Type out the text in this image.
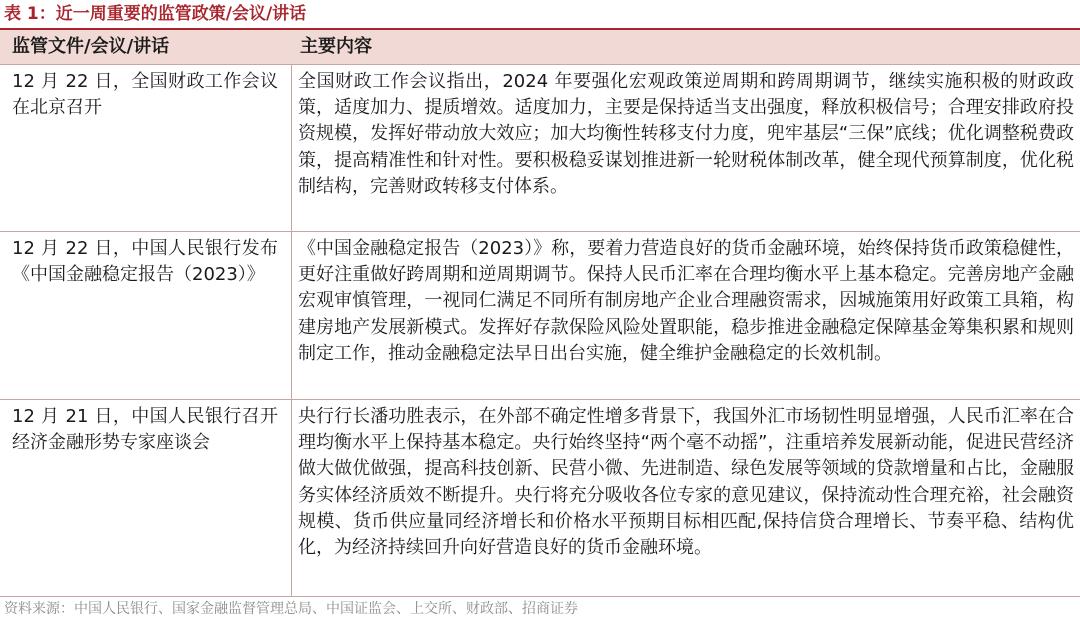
表 1：近一周重要的监管政策/会议/讲话
监管文件/会议/讲话	主要内容
12 月 22 日，全国财政工作会议在北京召开
全国财政工作会议指出，2024 年要强化宏观政策逆周期和跨周期调节，继续实施积极的财政政策，适度加力、提质增效。适度加力，主要是保持适当支出强度，释放积极信号；合理安排政府投资规模，发挥好带动放大效应；加大均衡性转移支付力度，兜牢基层“三保”底线；优化调整税费政策，提高精准性和针对性。要积极稳妥谋划推进新一轮财税体制改革，健全现代预算制度，优化税制结构，完善财政转移支付体系。
12 月 22 日，中国人民银行发布《中国金融稳定报告（2023）》
《中国金融稳定报告（2023）》称，要着力营造良好的货币金融环境，始终保持货币政策稳健性，更好注重做好跨周期和逆周期调节。保持人民币汇率在合理均衡水平上基本稳定。完善房地产金融宏观审慎管理，一视同仁满足不同所有制房地产企业合理融资需求，因城施策用好政策工具箱，构建房地产发展新模式。发挥好存款保险风险处置职能，稳步推进金融稳定保障基金筹集积累和规则制定工作，推动金融稳定法早日出台实施，健全维护金融稳定的长效机制。
12 月 21 日，中国人民银行召开经济金融形势专家座谈会
央行行长潘功胜表示，在外部不确定性增多背景下，我国外汇市场韧性明显增强，人民币汇率在合理均衡水平上保持基本稳定。央行始终坚持“两个毫不动摇”，注重培养发展新动能，促进民营经济做大做优做强，提高科技创新、民营小微、先进制造、绿色发展等领域的贷款增量和占比，金融服务实体经济质效不断提升。央行将充分吸收各位专家的意见建议，保持流动性合理充裕，社会融资规模、货币供应量同经济增长和价格水平预期目标相匹配,保持信贷合理增长、节奏平稳、结构优化，为经济持续回升向好营造良好的货币金融环境。
资料来源：中国人民银行、国家金融监督管理总局、中国证监会、上交所、财政部、招商证券
